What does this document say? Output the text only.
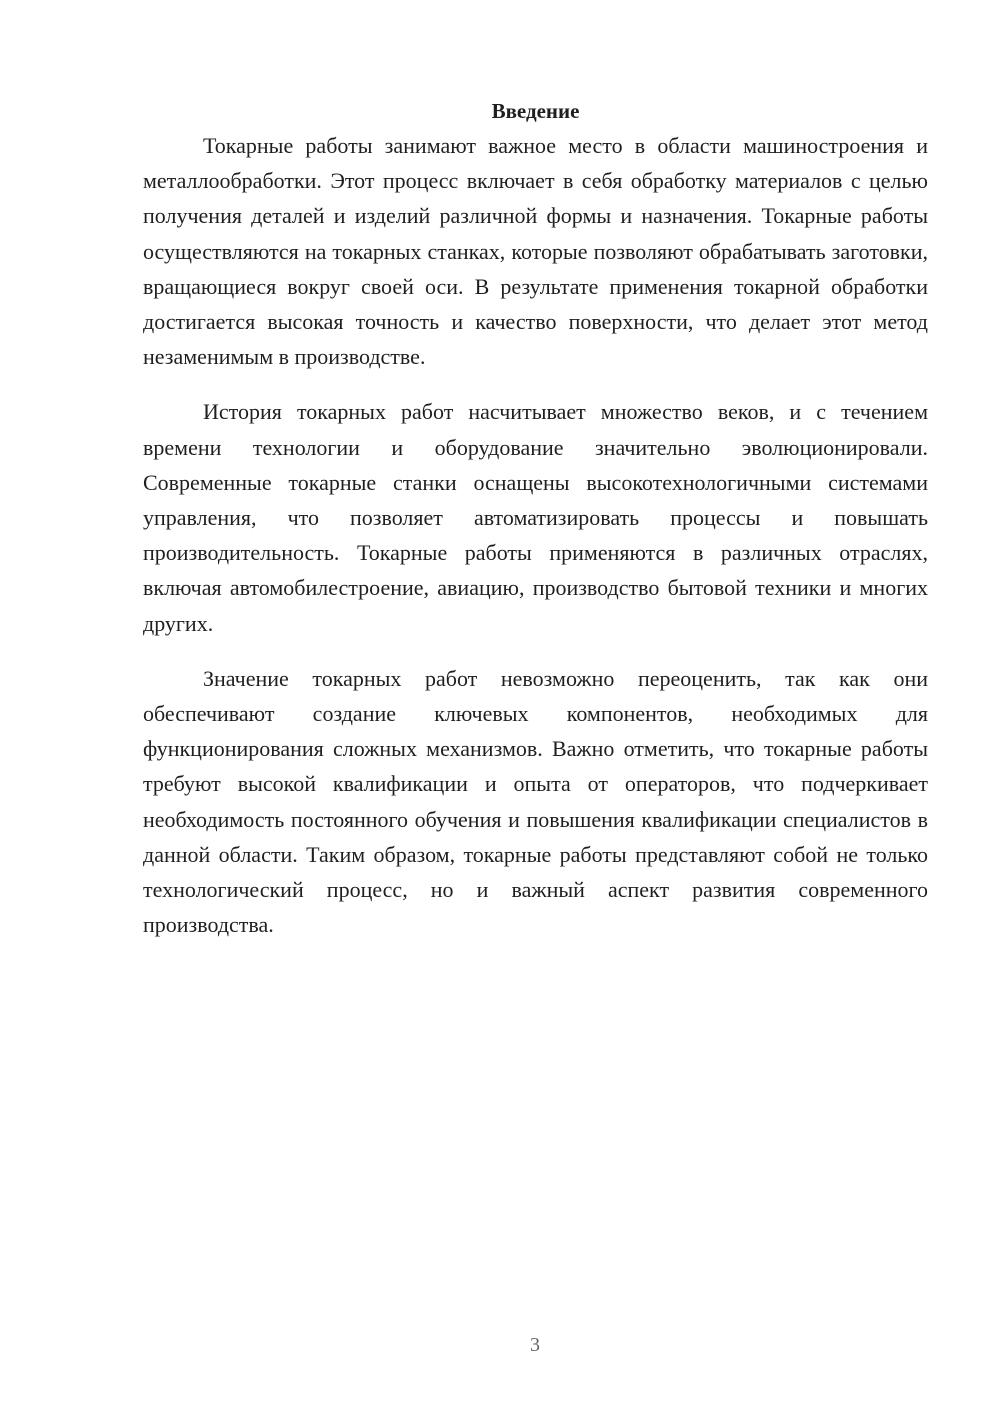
Введение

Токарные работы занимают важное место в области машиностроения и металлообработки. Этот процесс включает в себя обработку материалов с целью получения деталей и изделий различной формы и назначения. Токарные работы осуществляются на токарных станках, которые позволяют обрабатывать заготовки, вращающиеся вокруг своей оси. В результате применения токарной обработки достигается высокая точность и качество поверхности, что делает этот метод незаменимым в производстве.

История токарных работ насчитывает множество веков, и с течением времени технологии и оборудование значительно эволюционировали. Современные токарные станки оснащены высокотехнологичными системами управления, что позволяет автоматизировать процессы и повышать производительность. Токарные работы применяются в различных отраслях, включая автомобилестроение, авиацию, производство бытовой техники и многих других.

Значение токарных работ невозможно переоценить, так как они обеспечивают создание ключевых компонентов, необходимых для функционирования сложных механизмов. Важно отметить, что токарные работы требуют высокой квалификации и опыта от операторов, что подчеркивает необходимость постоянного обучения и повышения квалификации специалистов в данной области. Таким образом, токарные работы представляют собой не только технологический процесс, но и важный аспект развития современного производства.

3
